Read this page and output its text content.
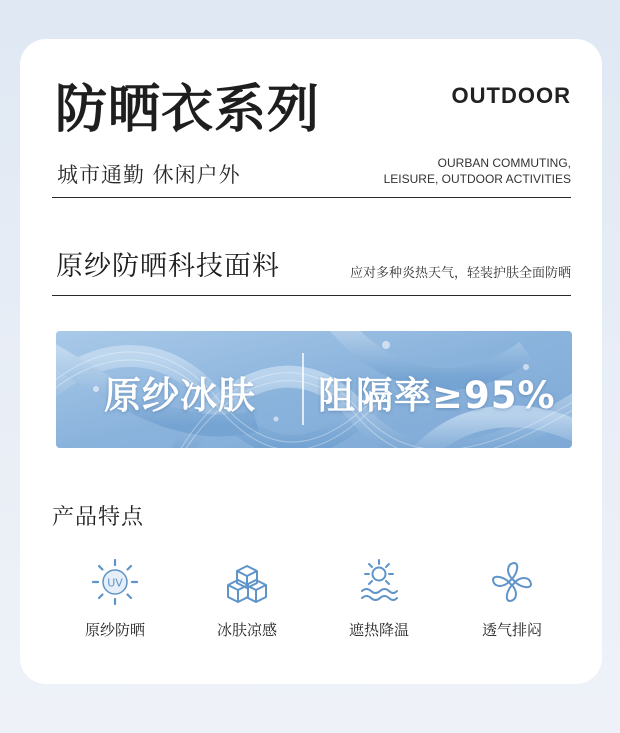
防晒衣系列	OUTDOOR
城市通勤 休闲户外	OURBAN COMMUTING,
LEISURE, OUTDOOR ACTIVITIES
原纱防晒科技面料	应对多种炎热天气，轻装护肤全面防晒
原纱冰肤 阻隔率≥95%
产品特点
UV
原纱防晒	冰肤凉感	遮热降温	透气排闷
